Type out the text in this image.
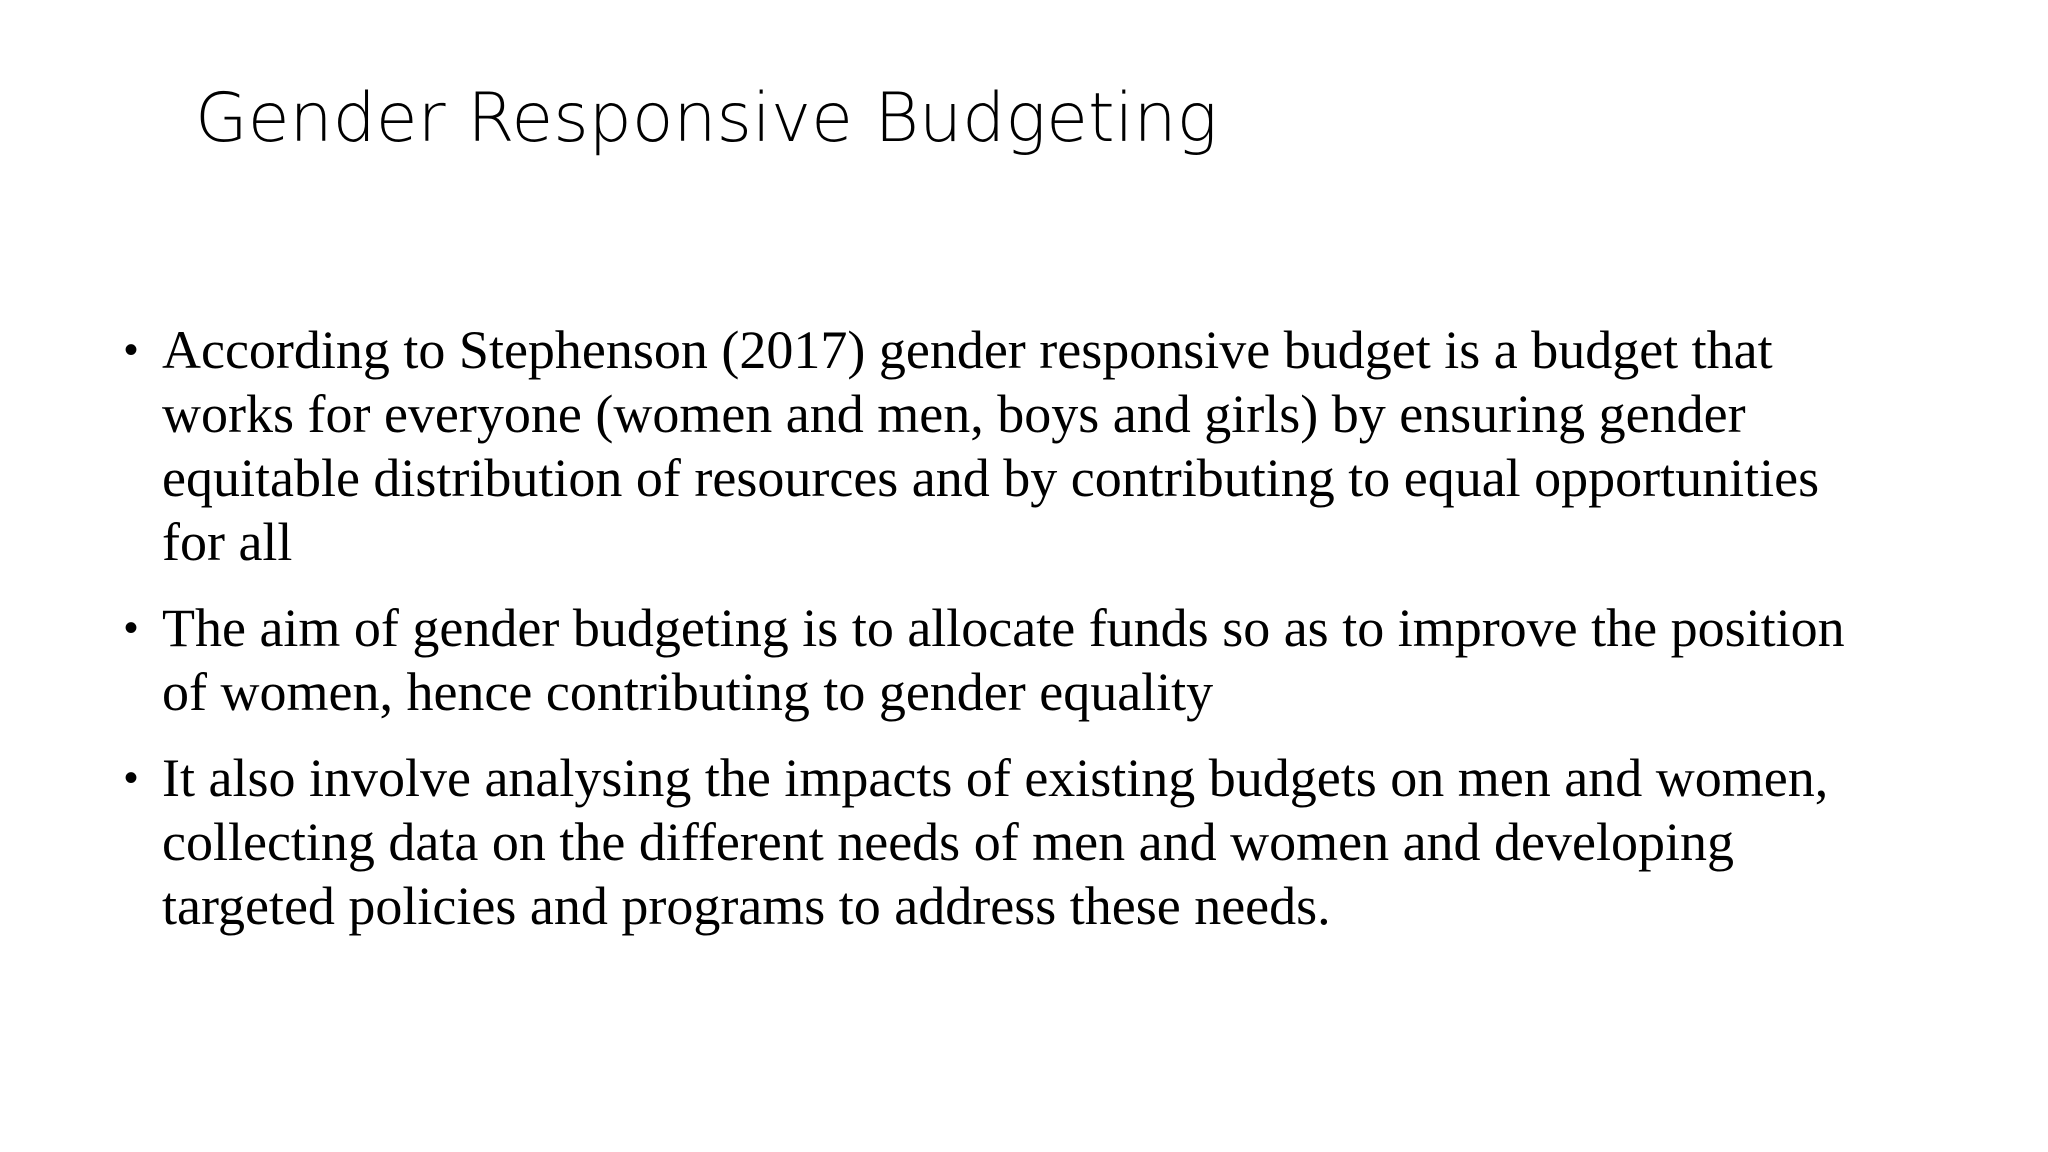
Gender Responsive Budgeting
• According to Stephenson (2017) gender responsive budget is a budget that works for everyone (women and men, boys and girls) by ensuring gender equitable distribution of resources and by contributing to equal opportunities for all
• The aim of gender budgeting is to allocate funds so as to improve the position of women, hence contributing to gender equality
• It also involve analysing the impacts of existing budgets on men and women, collecting data on the different needs of men and women and developing targeted policies and programs to address these needs.
